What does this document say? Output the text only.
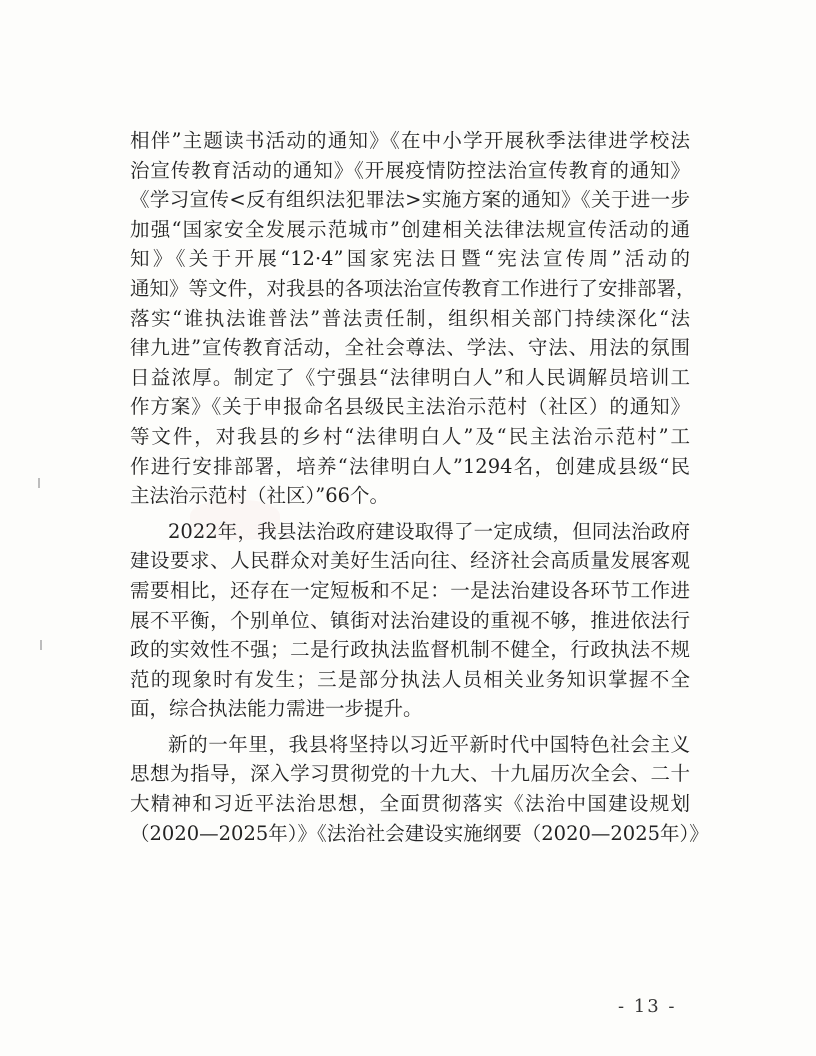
相伴”主题读书活动的通知》《在中小学开展秋季法律进学校法
治宣传教育活动的通知》《开展疫情防控法治宣传教育的通知》
《学习宣传<反有组织法犯罪法>实施方案的通知》《关于进一步
加强“国家安全发展示范城市”创建相关法律法规宣传活动的通
知》《关于开展“12·4”国家宪法日暨“宪法宣传周”活动的
通知》等文件，对我县的各项法治宣传教育工作进行了安排部署，
落实“谁执法谁普法”普法责任制，组织相关部门持续深化“法
律九进”宣传教育活动，全社会尊法、学法、守法、用法的氛围
日益浓厚。制定了《宁强县“法律明白人”和人民调解员培训工
作方案》《关于申报命名县级民主法治示范村（社区）的通知》
等文件，对我县的乡村“法律明白人”及“民主法治示范村”工
作进行安排部署，培养“法律明白人”1294名，创建成县级“民
主法治示范村（社区）”66个。
2022年，我县法治政府建设取得了一定成绩，但同法治政府
建设要求、人民群众对美好生活向往、经济社会高质量发展客观
需要相比，还存在一定短板和不足：一是法治建设各环节工作进
展不平衡，个别单位、镇街对法治建设的重视不够，推进依法行
政的实效性不强；二是行政执法监督机制不健全，行政执法不规
范的现象时有发生；三是部分执法人员相关业务知识掌握不全
面，综合执法能力需进一步提升。
新的一年里，我县将坚持以习近平新时代中国特色社会主义
思想为指导，深入学习贯彻党的十九大、十九届历次全会、二十
大精神和习近平法治思想，全面贯彻落实《法治中国建设规划
（2020—2025年）》《法治社会建设实施纲要（2020—2025年）》
- 13 -
